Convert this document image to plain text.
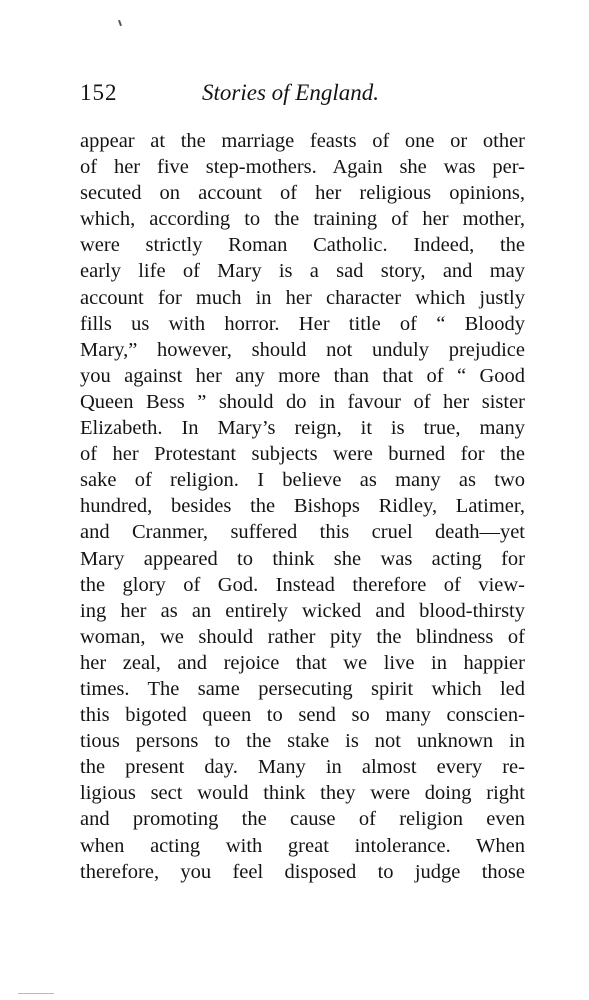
152	Stories of England.
appear at the marriage feasts of one or other
of her five step-mothers. Again she was per-
secuted on account of her religious opinions,
which, according to the training of her mother,
were strictly Roman Catholic. Indeed, the
early life of Mary is a sad story, and may
account for much in her character which justly
fills us with horror. Her title of “ Bloody
Mary,” however, should not unduly prejudice
you against her any more than that of “ Good
Queen Bess ” should do in favour of her sister
Elizabeth. In Mary’s reign, it is true, many
of her Protestant subjects were burned for the
sake of religion. I believe as many as two
hundred, besides the Bishops Ridley, Latimer,
and Cranmer, suffered this cruel death—yet
Mary appeared to think she was acting for
the glory of God. Instead therefore of view-
ing her as an entirely wicked and blood-thirsty
woman, we should rather pity the blindness of
her zeal, and rejoice that we live in happier
times. The same persecuting spirit which led
this bigoted queen to send so many conscien-
tious persons to the stake is not unknown in
the present day. Many in almost every re-
ligious sect would think they were doing right
and promoting the cause of religion even
when acting with great intolerance. When
therefore, you feel disposed to judge those
